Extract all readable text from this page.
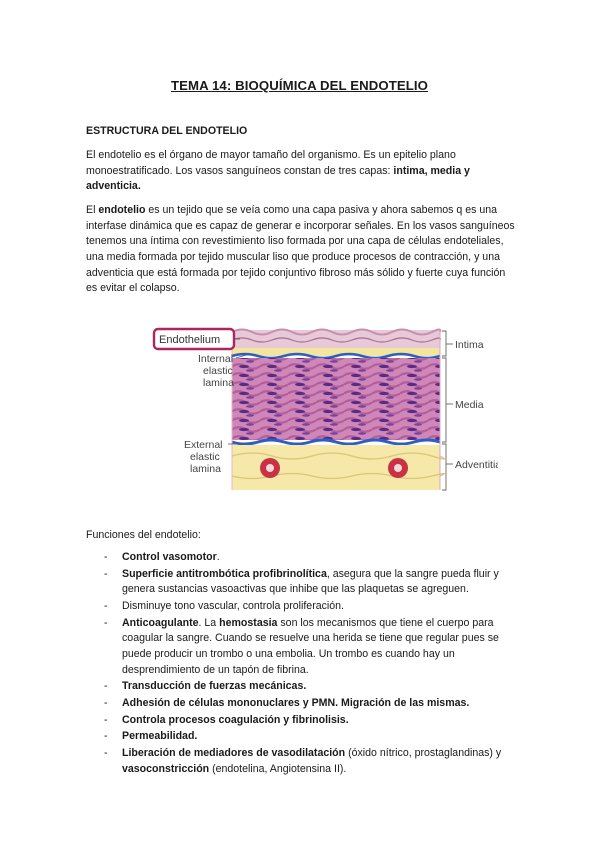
TEMA 14: BIOQUÍMICA DEL ENDOTELIO
ESTRUCTURA DEL ENDOTELIO
El endotelio es el órgano de mayor tamaño del organismo. Es un epitelio plano monoestratificado. Los vasos sanguíneos constan de tres capas: intima, media y adventicia.
El endotelio es un tejido que se veía como una capa pasiva y ahora sabemos q es una interfase dinámica que es capaz de generar e incorporar señales. En los vasos sanguíneos tenemos una íntima con revestimiento liso formada por una capa de células endoteliales, una media formada por tejido muscular liso que produce procesos de contracción, y una adventicia que está formada por tejido conjuntivo fibroso más sólido y fuerte cuya función es evitar el colapso.
Endothelium
Internal
elastic
lamina
External
elastic
lamina
Intima
Media
Adventitia
Funciones del endotelio:
- Control vasomotor.
- Superficie antitrombótica profibrinolítica, asegura que la sangre pueda fluir y genera sustancias vasoactivas que inhibe que las plaquetas se agreguen.
- Disminuye tono vascular, controla proliferación.
- Anticoagulante. La hemostasia son los mecanismos que tiene el cuerpo para coagular la sangre. Cuando se resuelve una herida se tiene que regular pues se puede producir un trombo o una embolia. Un trombo es cuando hay un desprendimiento de un tapón de fibrina.
- Transducción de fuerzas mecánicas.
- Adhesión de células mononuclares y PMN. Migración de las mismas.
- Controla procesos coagulación y fibrinolisis.
- Permeabilidad.
- Liberación de mediadores de vasodilatación (óxido nítrico, prostaglandinas) y vasoconstricción (endotelina, Angiotensina II).
